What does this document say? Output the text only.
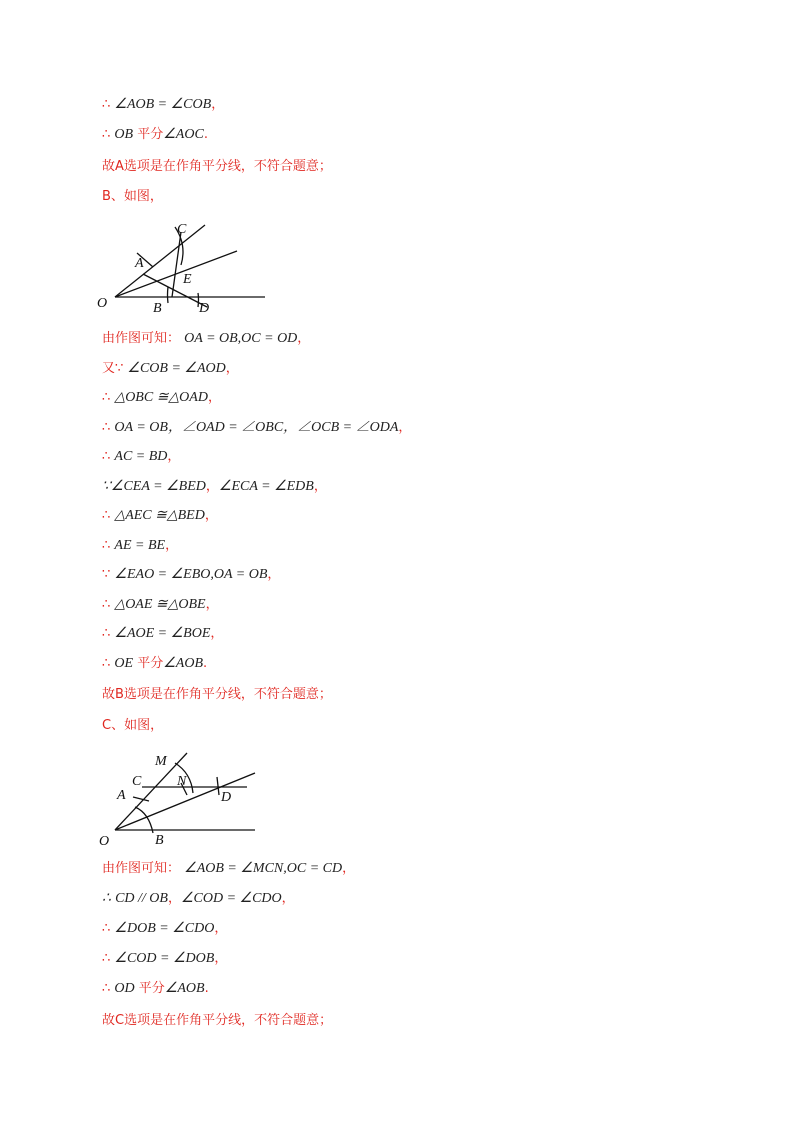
∴ ∠AOB = ∠COB，
∴ OB 平分∠AOC.
故A选项是在作角平分线，不符合题意；
B、如图，
O
A
B
C
D
E
由作图可知： OA = OB,OC = OD，
又∵ ∠COB = ∠AOD，
∴ △OBC ≅△OAD，
∴ OA = OB，∠OAD = ∠OBC，∠OCB = ∠ODA，
∴ AC = BD，
∵∠CEA = ∠BED，∠ECA = ∠EDB，
∴ △AEC ≅△BED，
∴ AE = BE，
∵ ∠EAO = ∠EBO,OA = OB，
∴ △OAE ≅△OBE，
∴ ∠AOE = ∠BOE，
∴ OE 平分∠AOB.
故B选项是在作角平分线，不符合题意；
C、如图，
O
A
B
C
D
M
N
由作图可知： ∠AOB = ∠MCN,OC = CD，
∴ CD // OB，∠COD = ∠CDO，
∴ ∠DOB = ∠CDO，
∴ ∠COD = ∠DOB，
∴ OD 平分∠AOB.
故C选项是在作角平分线，不符合题意；
